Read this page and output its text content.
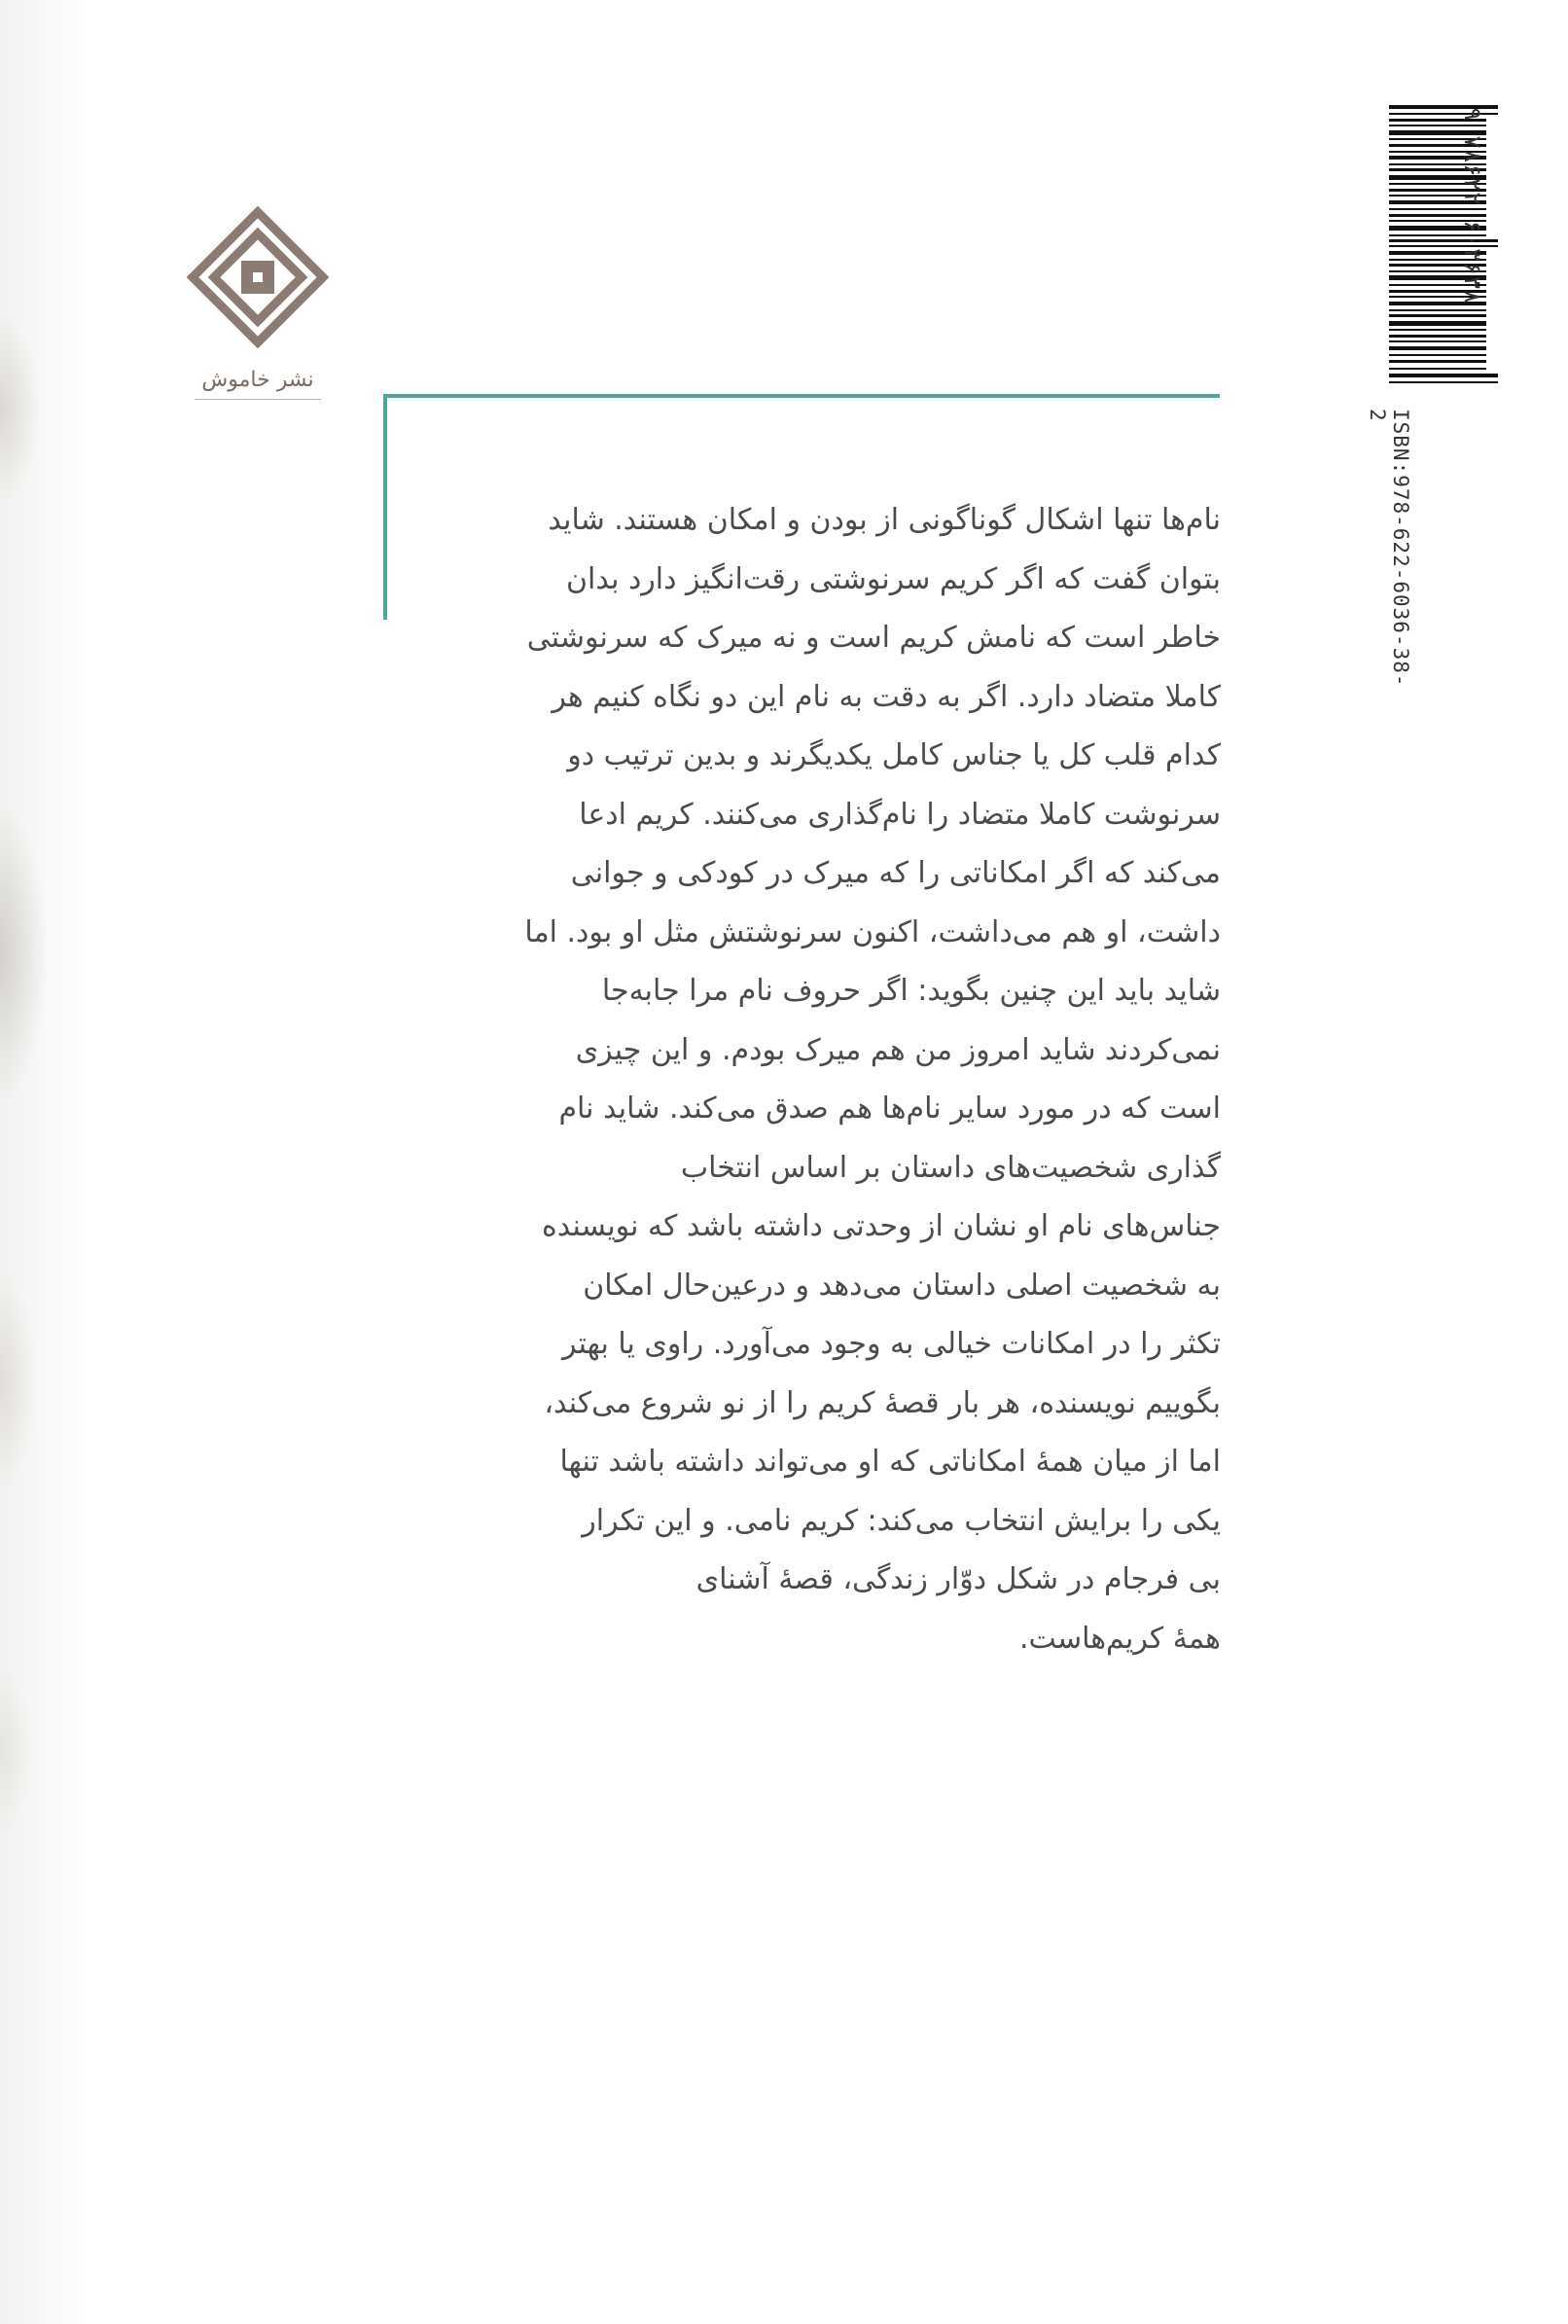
نشر خاموش
۹ ۷۸۶۲۲ ۶۰۳۶۳۸
ISBN:978-622-6036-38-2
نام‌ها تنها اشکال گوناگونی از بودن و امکان هستند. شاید
بتوان گفت که اگر کریم سرنوشتی رقت‌انگیز دارد بدان
خاطر است که نامش کریم است و نه میرک که سرنوشتی
کاملا متضاد دارد. اگر به دقت به نام این دو نگاه کنیم هر
کدام قلب کل یا جناس کامل یکدیگرند و بدین ترتیب دو
سرنوشت کاملا متضاد را نام‌گذاری می‌کنند. کریم ادعا
می‌کند که اگر امکاناتی را که میرک در کودکی و جوانی
داشت، او هم می‌داشت، اکنون سرنوشتش مثل او بود. اما
شاید باید این چنین بگوید: اگر حروف نام مرا جابه‌جا
نمی‌کردند شاید امروز من هم میرک بودم. و این چیزی
است که در مورد سایر نام‌ها هم صدق می‌کند. شاید نام
گذاری شخصیت‌های داستان بر اساس انتخاب
جناس‌های نام او نشان از وحدتی داشته باشد که نویسنده
به شخصیت اصلی داستان می‌دهد و درعین‌حال امکان
تکثر را در امکانات خیالی به وجود می‌آورد. راوی یا بهتر
بگوییم نویسنده، هر بار قصهٔ کریم را از نو شروع می‌کند،
اما از میان همهٔ امکاناتی که او می‌تواند داشته باشد تنها
یکی را برایش انتخاب می‌کند: کریم نامی. و این تکرار
بی فرجام در شکل دوّار زندگی، قصهٔ آشنای
همهٔ کریم‌هاست.
